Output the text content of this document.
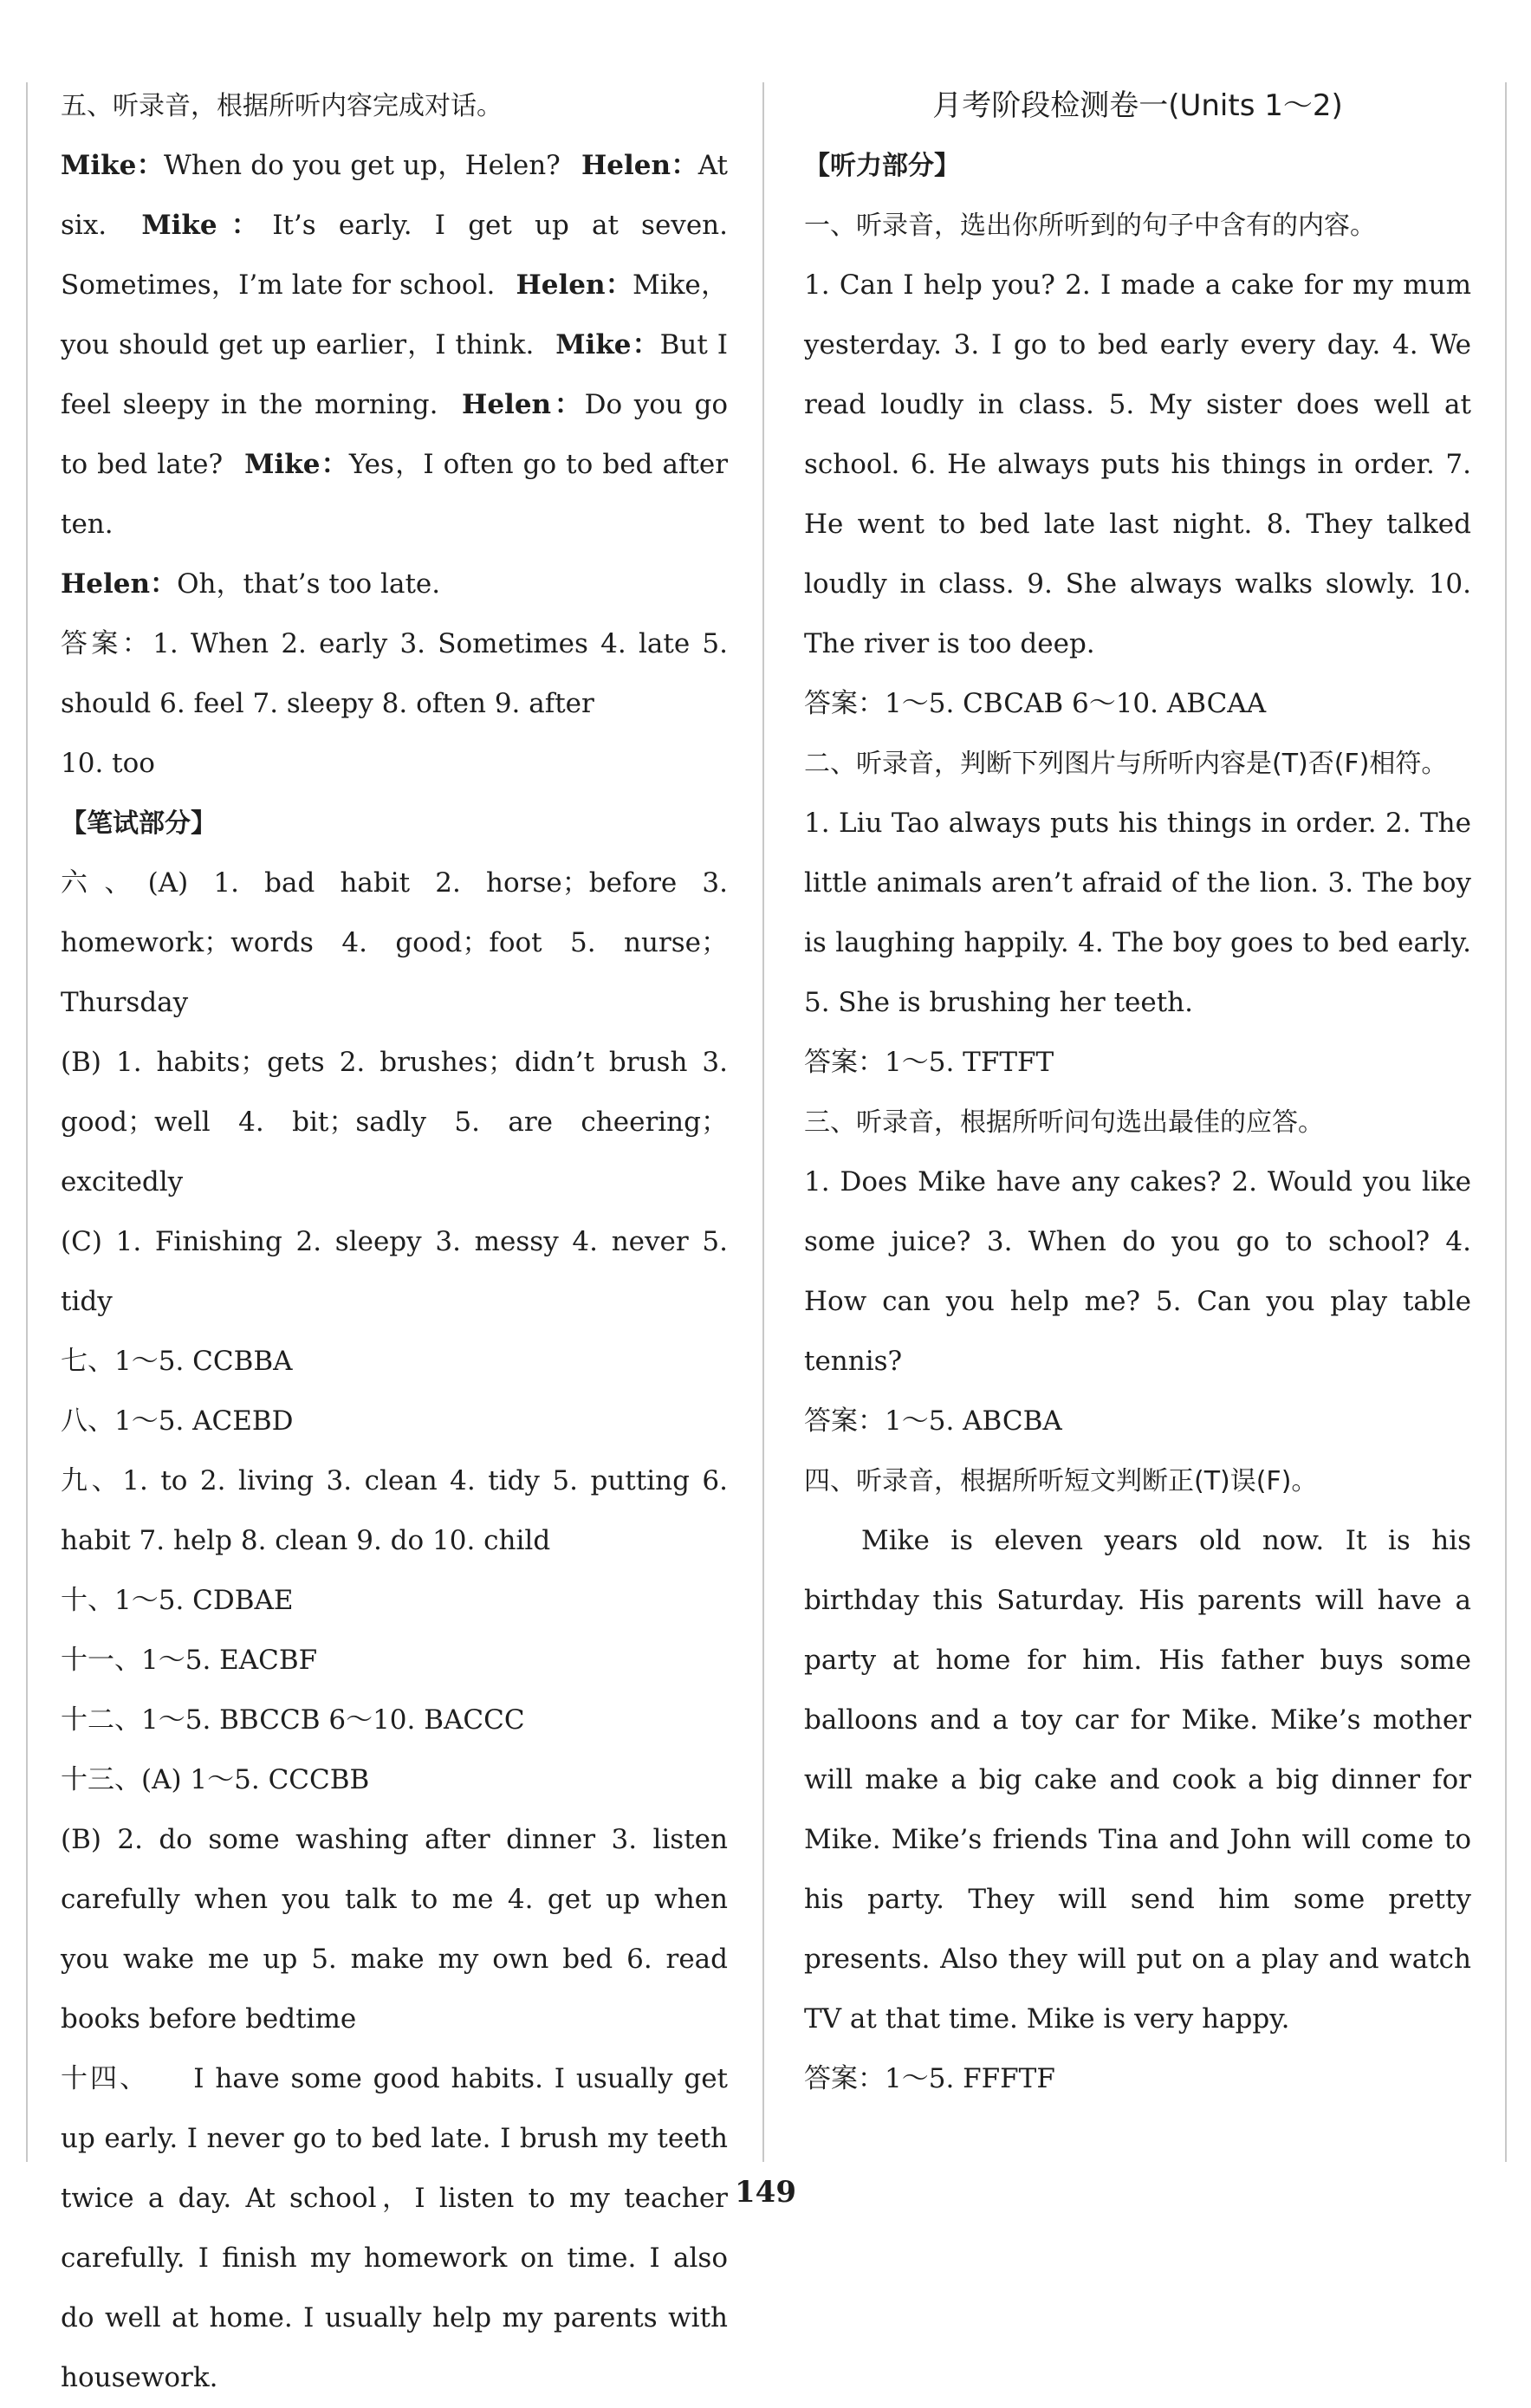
五、听录音，根据所听内容完成对话。

Mike：When do you get up，Helen? Helen：At six. Mike：It’s early. I get up at seven. Sometimes，I’m late for school. Helen：Mike，you should get up earlier，I think. Mike：But I feel sleepy in the morning. Helen：Do you go to bed late? Mike：Yes，I often go to bed after ten.

Helen：Oh，that’s too late.

答案：1. When 2. early 3. Sometimes 4. late 5. should 6. feel 7. sleepy 8. often 9. after

10. too

【笔试部分】

六、(A) 1. bad habit 2. horse；before 3. homework；words 4. good；foot 5. nurse；Thursday

(B) 1. habits；gets 2. brushes；didn’t brush 3. good；well 4. bit；sadly 5. are cheering；excitedly

(C) 1. Finishing 2. sleepy 3. messy 4. never 5. tidy

七、1～5. CCBBA

八、1～5. ACEBD

九、1. to 2. living 3. clean 4. tidy 5. putting 6. habit 7. help 8. clean 9. do 10. child

十、1～5. CDBAE

十一、1～5. EACBF

十二、1～5. BBCCB 6～10. BACCC

十三、(A) 1～5. CCCBB

(B) 2. do some washing after dinner 3. listen carefully when you talk to me 4. get up when you wake me up 5. make my own bed 6. read books before bedtime

十四、 I have some good habits. I usually get up early. I never go to bed late. I brush my teeth twice a day. At school，I listen to my teacher carefully. I finish my homework on time. I also do well at home. I usually help my parents with housework.

月考阶段检测卷一(Units 1～2)

【听力部分】

一、听录音，选出你所听到的句子中含有的内容。

1. Can I help you? 2. I made a cake for my mum yesterday. 3. I go to bed early every day. 4. We read loudly in class. 5. My sister does well at school. 6. He always puts his things in order. 7. He went to bed late last night. 8. They talked loudly in class. 9. She always walks slowly. 10. The river is too deep.

答案：1～5. CBCAB 6～10. ABCAA

二、听录音，判断下列图片与所听内容是(T)否(F)相符。

1. Liu Tao always puts his things in order. 2. The little animals aren’t afraid of the lion. 3. The boy is laughing happily. 4. The boy goes to bed early. 5. She is brushing her teeth.

答案：1～5. TFTFT

三、听录音，根据所听问句选出最佳的应答。

1. Does Mike have any cakes? 2. Would you like some juice? 3. When do you go to school? 4. How can you help me? 5. Can you play table tennis?

答案：1～5. ABCBA

四、听录音，根据所听短文判断正(T)误(F)。

Mike is eleven years old now. It is his birthday this Saturday. His parents will have a party at home for him. His father buys some balloons and a toy car for Mike. Mike’s mother will make a big cake and cook a big dinner for Mike. Mike’s friends Tina and John will come to his party. They will send him some pretty presents. Also they will put on a play and watch TV at that time. Mike is very happy.

答案：1～5. FFFTF

149
